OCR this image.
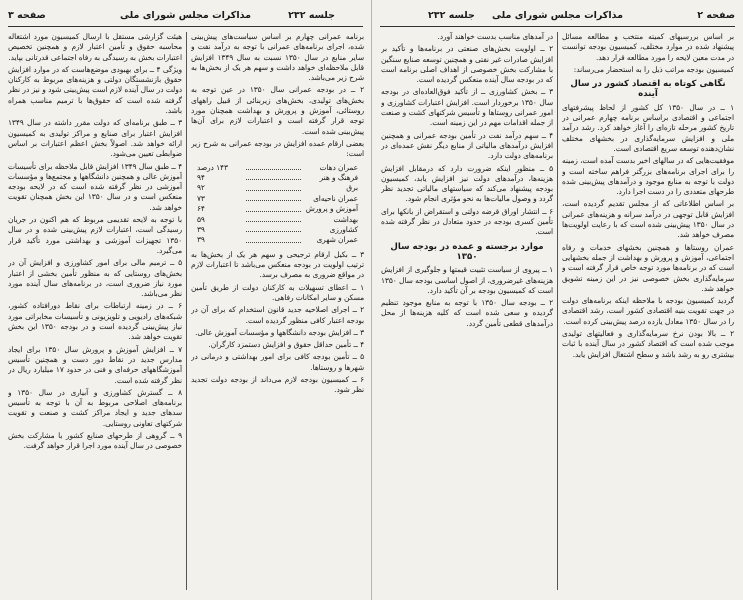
صفحه ۳	مذاکرات مجلس شورای ملی	جلسه ۲۳۲

برنامه عمرانی چهارم بر اساس سیاست‌های پیش‌بینی شده، اجرای برنامه‌های عمرانی با توجه به درآمد نفت و سایر منابع در سال ۱۳۵۰ نسبت به سال ۱۳۴۹ افزایش قابل ملاحظه‌ای خواهد داشت و سهم هر یک از بخش‌ها به شرح زیر می‌باشد.

۲ ــ در بودجه عمرانی سال ۱۳۵۰ در عین توجه به بخش‌های تولیدی، بخش‌های زیربنائی از قبیل راههای روستائی، آموزش و پرورش و بهداشت همچنان مورد توجه قرار گرفته است و اعتبارات لازم برای آن‌ها پیش‌بینی شده است.

بعضی ارقام عمده افزایش در بودجه عمرانی به شرح زیر است:

عمران دهات
۱۴۳ درصد
فرهنگ و هنر
۹۴
برق
۹۲
عمران ناحیه‌ای
۷۳
آموزش و پرورش
۶۴
بهداشت
۵۹
کشاورزی
۳۹
عمران شهری
۳۹

۳ ــ بکیل‌ ارقام ترجیحی و سهم هر یک از بخش‌ها به ترتیب اولویت در بودجه منعکس می‌باشد تا اعتبارات لازم در مواقع ضروری به مصرف برسد.

۱ ــ اعطای تسهیلات به کارکنان دولت از طریق تأمین مسکن و سایر امکانات رفاهی.

۲ ــ اجرای اصلاحیه جدید قانون استخدام که برای آن در بودجه اعتبار کافی منظور گردیده است.

۳ ــ افزایش بودجه دانشگاهها و مؤسسات آموزش عالی.

۴ ــ تأمین حداقل حقوق و افزایش دستمزد کارگران.

۵ ــ تأمین بودجه کافی برای امور بهداشتی و درمانی در شهرها و روستاها.

۶ ــ کمیسیون بودجه لازم می‌داند از بودجه دولت تجدید نظر شود.

هیئت گزارشی‌ مستقل با ارسال کمیسیون مورد اشتغاله محاسبه حقوق و تأمین اعتبار لازم و همچنین تخصیص اعتبارات بخش به رسیدگی به رفاه اجتماعی قدرتانی بپاید.

ویژگی ۴ ــ برای بهبودی موضع‌هاست که در موارد افزایش حقوق بازنشستگان دولتی و هزینه‌های مربوط به کارکنان دولت در سال آینده لازم است پیش‌بینی شود و نیز در نظر گرفته شده است که حقوق‌ها با ترمیم مناسب همراه باشد.

۳ ــ طبق برنامه‌ای که دولت مقرر داشته در سال ۱۳۴۹ افزایش اعتبار برای صنایع و مراکز تولیدی به کمیسیون ارائه خواهد شد. اصولاً بخش اعظم اعتبارات بر اساس ضوابطی تعیین می‌شود.

۴ ــ طبق سال ۱۳۴۹ افزایش قابل ملاحظه برای تأسیسات آموزش عالی و همچنین دانشگاهها و مجتمع‌ها و مؤسسات آموزشی در نظر گرفته شده است که در لایحه بودجه منعکس است و در سال ۱۳۵۰ این بخش همچنان تقویت خواهد شد.

با توجه به لایحه تقدیمی مربوط که هم اکنون در جریان رسیدگی است، اعتبارات لازم پیش‌بینی شده و در سال ۱۳۵۰ تجهیزات آموزشی و بهداشتی مورد تأکید قرار می‌گیرد.

۵ ــ ترمیم مالی برای امور کشاورزی و افزایش آن در بخش‌های روستایی که به منظور تأمین بخشی از اعتبار مورد نیاز ضروری است، در برنامه‌های سال آینده مورد نظر می‌باشد.

۶ ــ در زمینه ارتباطات برای نقاط دورافتاده کشور، شبکه‌های رادیویی و تلویزیونی و تأسیسات مخابراتی مورد نیاز پیش‌بینی گردیده است و در بودجه ۱۳۵۰ این بخش تقویت خواهد شد.

۷ ــ افزایش آموزش و پرورش سال ۱۳۵۰ برای ایجاد مدارس جدید در نقاط دور دست و همچنین تأسیس آموزشگاههای حرفه‌ای و فنی در حدود ۱۷ میلیارد ریال در نظر گرفته شده است.

۸ ــ گسترش کشاورزی و آبیاری در سال ۱۳۵۰ و برنامه‌های اصلاحی مربوط به آن با توجه به تأسیس سدهای جدید و ایجاد مراکز کشت و صنعت و تقویت شرکتهای تعاونی روستایی.

۹ ــ گروهی از طرحهای صنایع کشور با مشارکت بخش خصوصی در سال آینده مورد اجرا قرار خواهد گرفت.

صفحه ۲
مذاکرات مجلس شورای ملی
جلسه ۲۳۲

بر اساس بررسیهای کمیته منتخب و مطالعه مسائل پیشنهاد شده در موارد مختلف، کمیسیون بودجه توانست در مدت معین لایحه را مورد مطالعه قرار دهد.

کمیسیون بودجه مراتب ذیل را به استحضار می‌رساند:

نگاهی کوتاه به اقتصاد کشور در سال آینده

۱ ــ در سال ۱۳۵۰ کل کشور از لحاظ پیشرفتهای اجتماعی و اقتصادی براساس برنامه چهارم عمرانی در تاریخ کشور مرحله تازه‌ای را آغاز خواهد کرد. رشد درآمد ملی و افزایش سرمایه‌گذاری در بخشهای مختلف نشان‌دهنده توسعه سریع اقتصادی است.

موفقیت‌هایی که در سالهای اخیر بدست آمده است، زمینه را برای اجرای برنامه‌های بزرگتر فراهم ساخته است و دولت با توجه به منابع موجود و درآمدهای پیش‌بینی شده طرحهای متعددی را در دست اجرا دارد.

بر اساس اطلاعاتی که از مجلس تقدیم گردیده است، افزایش قابل توجهی در درآمد سرانه و هزینه‌های عمرانی در سال ۱۳۵۰ پیش‌بینی شده است که با رعایت اولویت‌ها مصرف خواهد شد.

عمران روستاها و همچنین بخشهای خدمات و رفاه اجتماعی، آموزش و پرورش و بهداشت از جمله بخشهایی است که در برنامه‌ها مورد توجه خاص قرار گرفته است و سرمایه‌گذاری بخش خصوصی نیز در این زمینه تشویق خواهد شد.

گردید کمیسیون بودجه با ملاحظه اینکه برنامه‌های دولت در جهت تقویت بنیه اقتصادی کشور است، رشد اقتصادی را در سال ۱۳۵۰ معادل یازده درصد پیش‌بینی کرده است.

۲ ــ بالا بودن نرخ سرمایه‌گذاری و فعالیتهای تولیدی موجب شده است که اقتصاد کشور در سال آینده با ثبات بیشتری رو به رشد باشد و سطح اشتغال افزایش یابد.

در آمدهای مناسب بدست خواهند آورد.

۲ ــ اولویت بخش‌های صنعتی در برنامه‌ها و تأکید بر افزایش صادرات غیر نفتی و همچنین توسعه صنایع سنگین با مشارکت بخش خصوصی از اهداف اصلی برنامه است که در بودجه سال آینده منعکس گردیده است.

۳ ــ بخش کشاورزی ــ از تأکید فوق‌العاده‌ای در بودجه سال ۱۳۵۰ برخوردار است. افزایش اعتبارات کشاورزی و امور عمرانی روستاها و تأسیس شرکتهای کشت و صنعت از جمله اقدامات مهم در این زمینه است.

۴ ــ سهم درآمد نفت در تأمین بودجه عمرانی و همچنین افزایش درآمدهای مالیاتی از منابع دیگر نقش عمده‌ای در برنامه‌های دولت دارد.

۵ ــ منظور اینکه ضرورت دارد که درمقابل افزایش هزینه‌ها، درآمدهای دولت نیز افزایش یابد، کمیسیون بودجه پیشنهاد می‌کند که سیاستهای مالیاتی تجدید نظر گردد و وصول مالیات‌ها به نحو مؤثری انجام شود.

۶ ــ انتشار اوراق قرضه دولتی و استقراض از بانکها برای تأمین کسری بودجه در حدود متعادل در نظر گرفته شده است.

موارد برجسته و عمده در بودجه سال ۱۳۵۰

۱ ــ پیروی از سیاست تثبیت قیمتها و جلوگیری از افزایش هزینه‌های غیرضروری، از اصول اساسی بودجه سال ۱۳۵۰ است که کمیسیون بودجه بر آن تأکید دارد.

۲ ــ بودجه سال ۱۳۵۰ با توجه به منابع موجود تنظیم گردیده و سعی شده است که کلیه هزینه‌ها از محل درآمدهای قطعی تأمین گردد.
